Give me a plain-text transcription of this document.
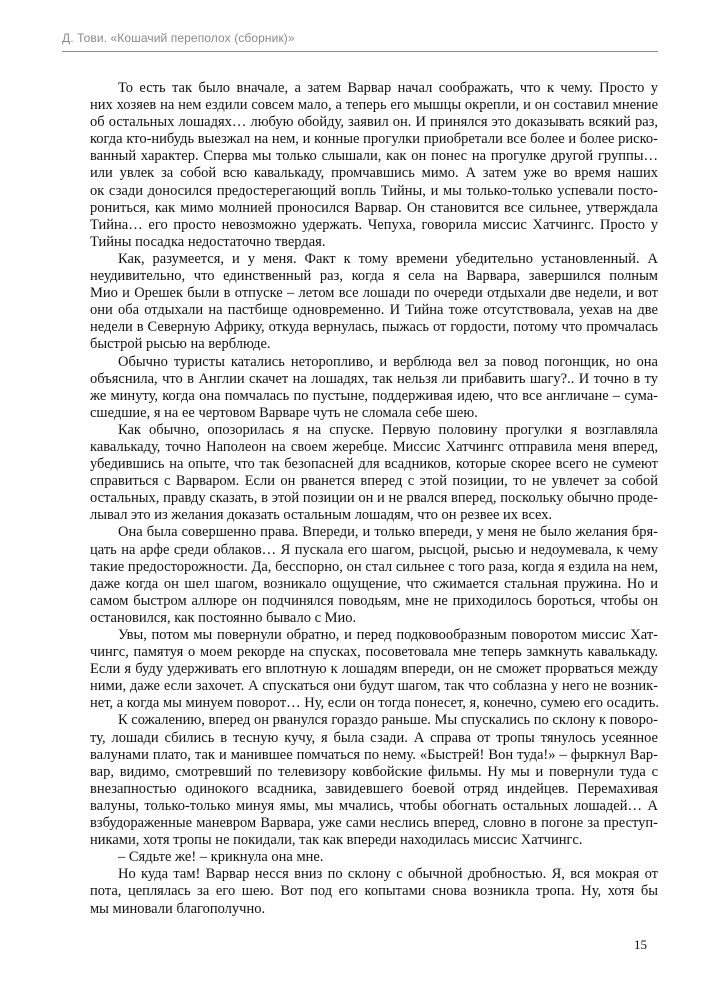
Д. Тови. «Кошачий переполох (сборник)»
То есть так было вначале, а затем Варвар начал соображать, что к чему. Просто у
них хозяев на нем ездили совсем мало, а теперь его мышцы окрепли, и он составил мнение
об остальных лошадях… любую обойду, заявил он. И принялся это доказывать всякий раз,
когда кто-нибудь выезжал на нем, и конные прогулки приобретали все более и более риско-
ванный характер. Сперва мы только слышали, как он понес на прогулке другой группы…
или увлек за собой всю кавалькаду, промчавшись мимо. А затем уже во время наших
ок сзади доносился предостерегающий вопль Тийны, и мы только-только успевали посто-
рониться, как мимо молнией проносился Варвар. Он становится все сильнее, утверждала
Тийна… его просто невозможно удержать. Чепуха, говорила миссис Хатчингс. Просто у
Тийны посадка недостаточно твердая.
Как, разумеется, и у меня. Факт к тому времени убедительно установленный. А
неудивительно, что единственный раз, когда я села на Варвара, завершился полным
Мио и Орешек были в отпуске – летом все лошади по очереди отдыхали две недели, и вот
они оба отдыхали на пастбище одновременно. И Тийна тоже отсутствовала, уехав на две
недели в Северную Африку, откуда вернулась, пыжась от гордости, потому что промчалась
быстрой рысью на верблюде.
Обычно туристы катались неторопливо, и верблюда вел за повод погонщик, но она
объяснила, что в Англии скачет на лошадях, так нельзя ли прибавить шагу?.. И точно в ту
же минуту, когда она помчалась по пустыне, поддерживая идею, что все англичане – сума-
сшедшие, я на ее чертовом Варваре чуть не сломала себе шею.
Как обычно, опозорилась я на спуске. Первую половину прогулки я возглавляла
кавалькаду, точно Наполеон на своем жеребце. Миссис Хатчингс отправила меня вперед,
убедившись на опыте, что так безопасней для всадников, которые скорее всего не сумеют
справиться с Варваром. Если он рванется вперед с этой позиции, то не увлечет за собой
остальных, правду сказать, в этой позиции он и не рвался вперед, поскольку обычно проде-
лывал это из желания доказать остальным лошадям, что он резвее их всех.
Она была совершенно права. Впереди, и только впереди, у меня не было желания бря-
цать на арфе среди облаков… Я пускала его шагом, рысцой, рысью и недоумевала, к чему
такие предосторожности. Да, бесспорно, он стал сильнее с того раза, когда я ездила на нем,
даже когда он шел шагом, возникало ощущение, что сжимается стальная пружина. Но и
самом быстром аллюре он подчинялся поводьям, мне не приходилось бороться, чтобы он
остановился, как постоянно бывало с Мио.
Увы, потом мы повернули обратно, и перед подковообразным поворотом миссис Хат-
чингс, памятуя о моем рекорде на спусках, посоветовала мне теперь замкнуть кавалькаду.
Если я буду удерживать его вплотную к лошадям впереди, он не сможет прорваться между
ними, даже если захочет. А спускаться они будут шагом, так что соблазна у него не возник-
нет, а когда мы минуем поворот… Ну, если он тогда понесет, я, конечно, сумею его осадить.
К сожалению, вперед он рванулся гораздо раньше. Мы спускались по склону к поворо-
ту, лошади сбились в тесную кучу, я была сзади. А справа от тропы тянулось усеянное
валунами плато, так и манившее помчаться по нему. «Быстрей! Вон туда!» – фыркнул Вар-
вар, видимо, смотревший по телевизору ковбойские фильмы. Ну мы и повернули туда с
внезапностью одинокого всадника, завидевшего боевой отряд индейцев. Перемахивая
валуны, только-только минуя ямы, мы мчались, чтобы обогнать остальных лошадей… А
взбудораженные маневром Варвара, уже сами неслись вперед, словно в погоне за преступ-
никами, хотя тропы не покидали, так как впереди находилась миссис Хатчингс.
– Сядьте же! – крикнула она мне.
Но куда там! Варвар несся вниз по склону с обычной дробностью. Я, вся мокрая от
пота, цеплялась за его шею. Вот под его копытами снова возникла тропа. Ну, хотя бы
мы миновали благополучно.
15
